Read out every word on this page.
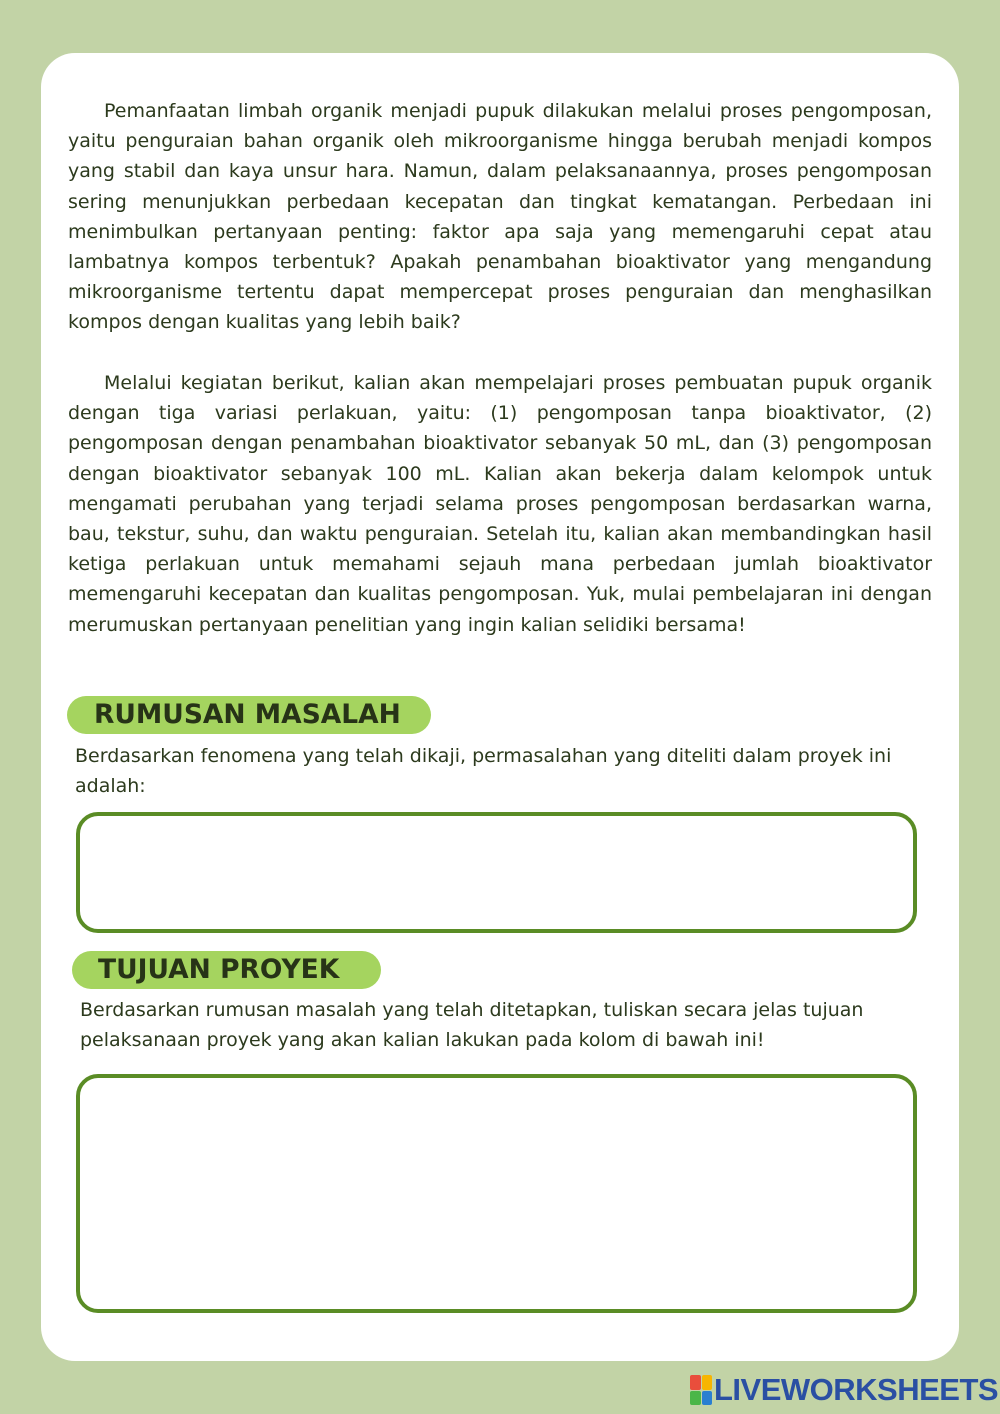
Pemanfaatan limbah organik menjadi pupuk dilakukan melalui proses pengomposan, yaitu penguraian bahan organik oleh mikroorganisme hingga berubah menjadi kompos yang stabil dan kaya unsur hara. Namun, dalam pelaksanaannya, proses pengomposan sering menunjukkan perbedaan kecepatan dan tingkat kematangan. Perbedaan ini menimbulkan pertanyaan penting: faktor apa saja yang memengaruhi cepat atau lambatnya kompos terbentuk? Apakah penambahan bioaktivator yang mengandung mikroorganisme tertentu dapat mempercepat proses penguraian dan menghasilkan kompos dengan kualitas yang lebih baik?

Melalui kegiatan berikut, kalian akan mempelajari proses pembuatan pupuk organik dengan tiga variasi perlakuan, yaitu: (1) pengomposan tanpa bioaktivator, (2) pengomposan dengan penambahan bioaktivator sebanyak 50 mL, dan (3) pengomposan dengan bioaktivator sebanyak 100 mL. Kalian akan bekerja dalam kelompok untuk mengamati perubahan yang terjadi selama proses pengomposan berdasarkan warna, bau, tekstur, suhu, dan waktu penguraian. Setelah itu, kalian akan membandingkan hasil ketiga perlakuan untuk memahami sejauh mana perbedaan jumlah bioaktivator memengaruhi kecepatan dan kualitas pengomposan. Yuk, mulai pembelajaran ini dengan merumuskan pertanyaan penelitian yang ingin kalian selidiki bersama!

RUMUSAN MASALAH

Berdasarkan fenomena yang telah dikaji, permasalahan yang diteliti dalam proyek ini adalah:

TUJUAN PROYEK

Berdasarkan rumusan masalah yang telah ditetapkan, tuliskan secara jelas tujuan pelaksanaan proyek yang akan kalian lakukan pada kolom di bawah ini!

LIVEWORKSHEETS
